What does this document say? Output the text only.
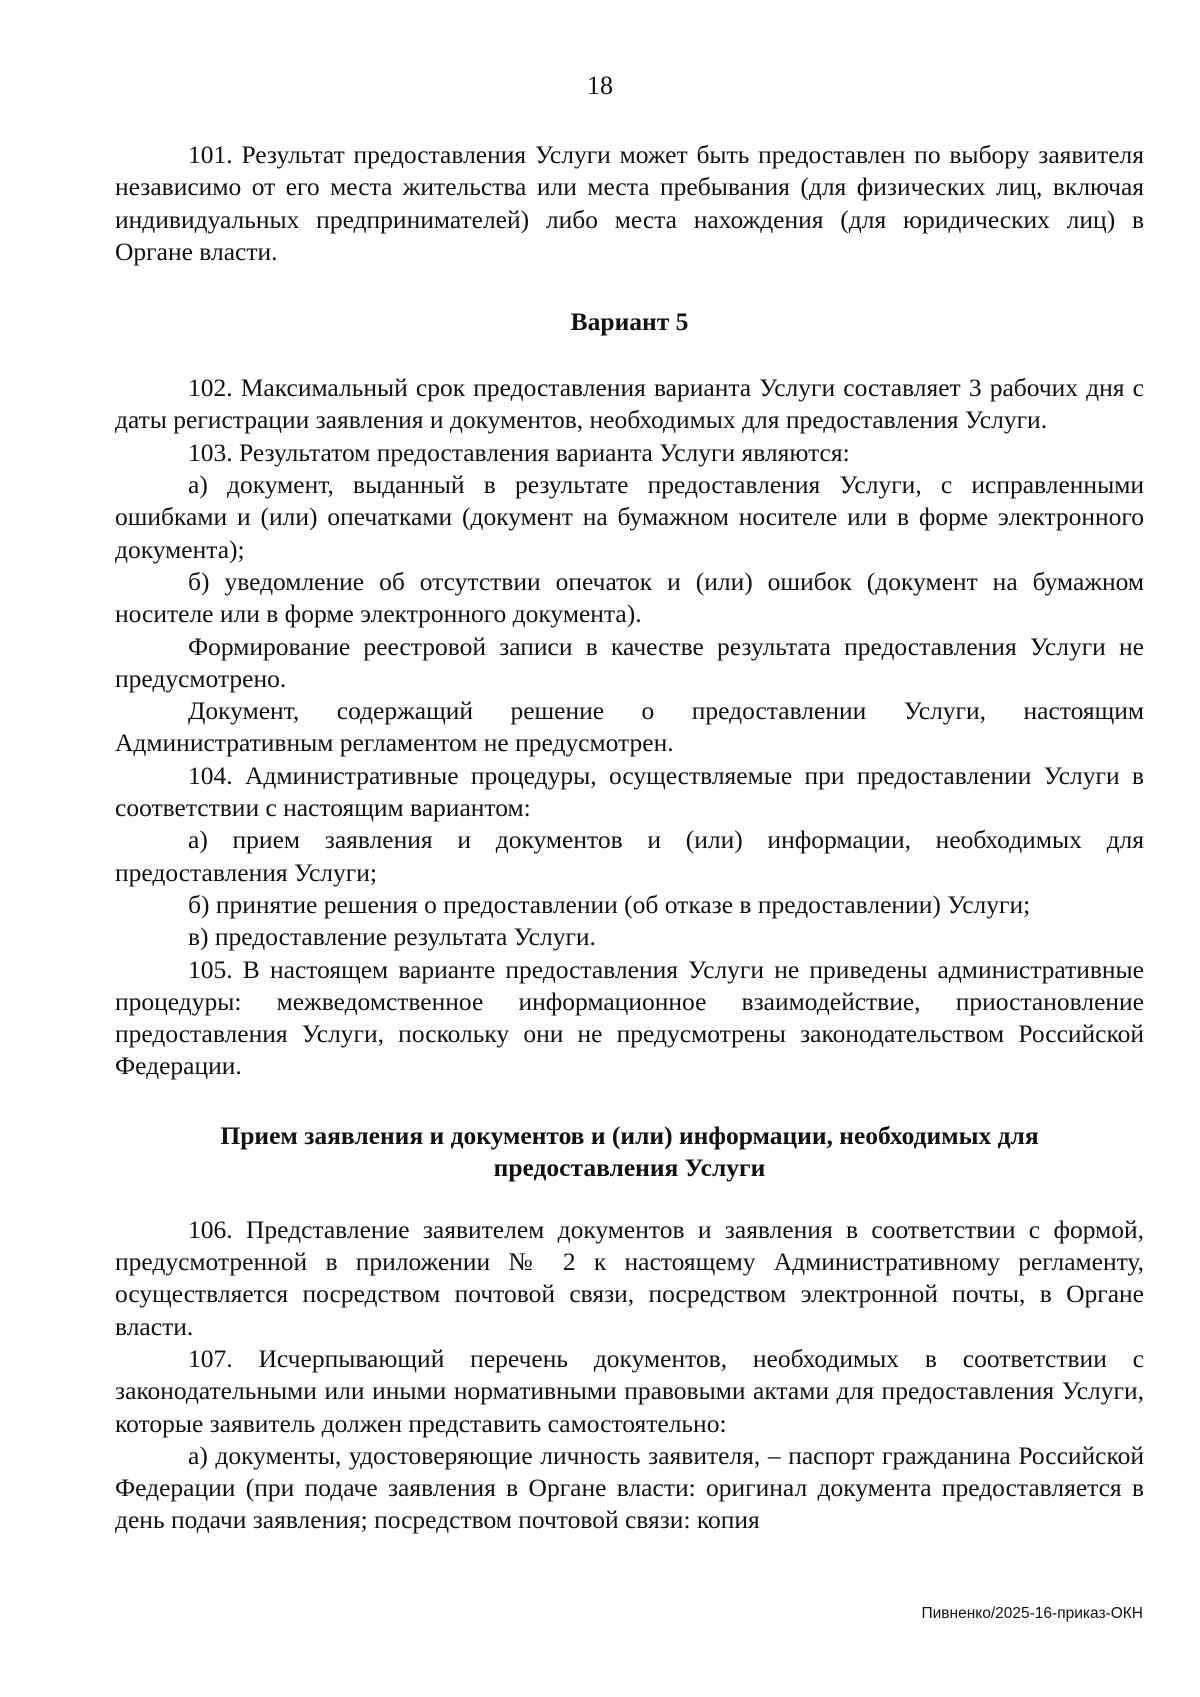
18

101. Результат предоставления Услуги может быть предоставлен по выбору заявителя независимо от его места жительства или места пребывания (для физических лиц, включая индивидуальных предпринимателей) либо места нахождения (для юридических лиц) в Органе власти.

Вариант 5

102. Максимальный срок предоставления варианта Услуги составляет 3 рабочих дня с даты регистрации заявления и документов, необходимых для предоставления Услуги.

103. Результатом предоставления варианта Услуги являются:

а) документ, выданный в результате предоставления Услуги, с исправленными ошибками и (или) опечатками (документ на бумажном носителе или в форме электронного документа);

б) уведомление об отсутствии опечаток и (или) ошибок (документ на бумажном носителе или в форме электронного документа).

Формирование реестровой записи в качестве результата предоставления Услуги не предусмотрено.

Документ, содержащий решение о предоставлении Услуги, настоящим Административным регламентом не предусмотрен.

104. Административные процедуры, осуществляемые при предоставлении Услуги в соответствии с настоящим вариантом:

а) прием заявления и документов и (или) информации, необходимых для предоставления Услуги;

б) принятие решения о предоставлении (об отказе в предоставлении) Услуги;

в) предоставление результата Услуги.

105. В настоящем варианте предоставления Услуги не приведены административные процедуры: межведомственное информационное взаимодействие, приостановление предоставления Услуги, поскольку они не предусмотрены законодательством Российской Федерации.

Прием заявления и документов и (или) информации, необходимых для
предоставления Услуги

106. Представление заявителем документов и заявления в соответствии с формой, предусмотренной в приложении № 2 к настоящему Административному регламенту, осуществляется посредством почтовой связи, посредством электронной почты, в Органе власти.

107. Исчерпывающий перечень документов, необходимых в соответствии с законодательными или иными нормативными правовыми актами для предоставления Услуги, которые заявитель должен представить самостоятельно:

а) документы, удостоверяющие личность заявителя, – паспорт гражданина Российской Федерации (при подаче заявления в Органе власти: оригинал документа предоставляется в день подачи заявления; посредством почтовой связи: копия

Пивненко/2025-16-приказ-ОКН
